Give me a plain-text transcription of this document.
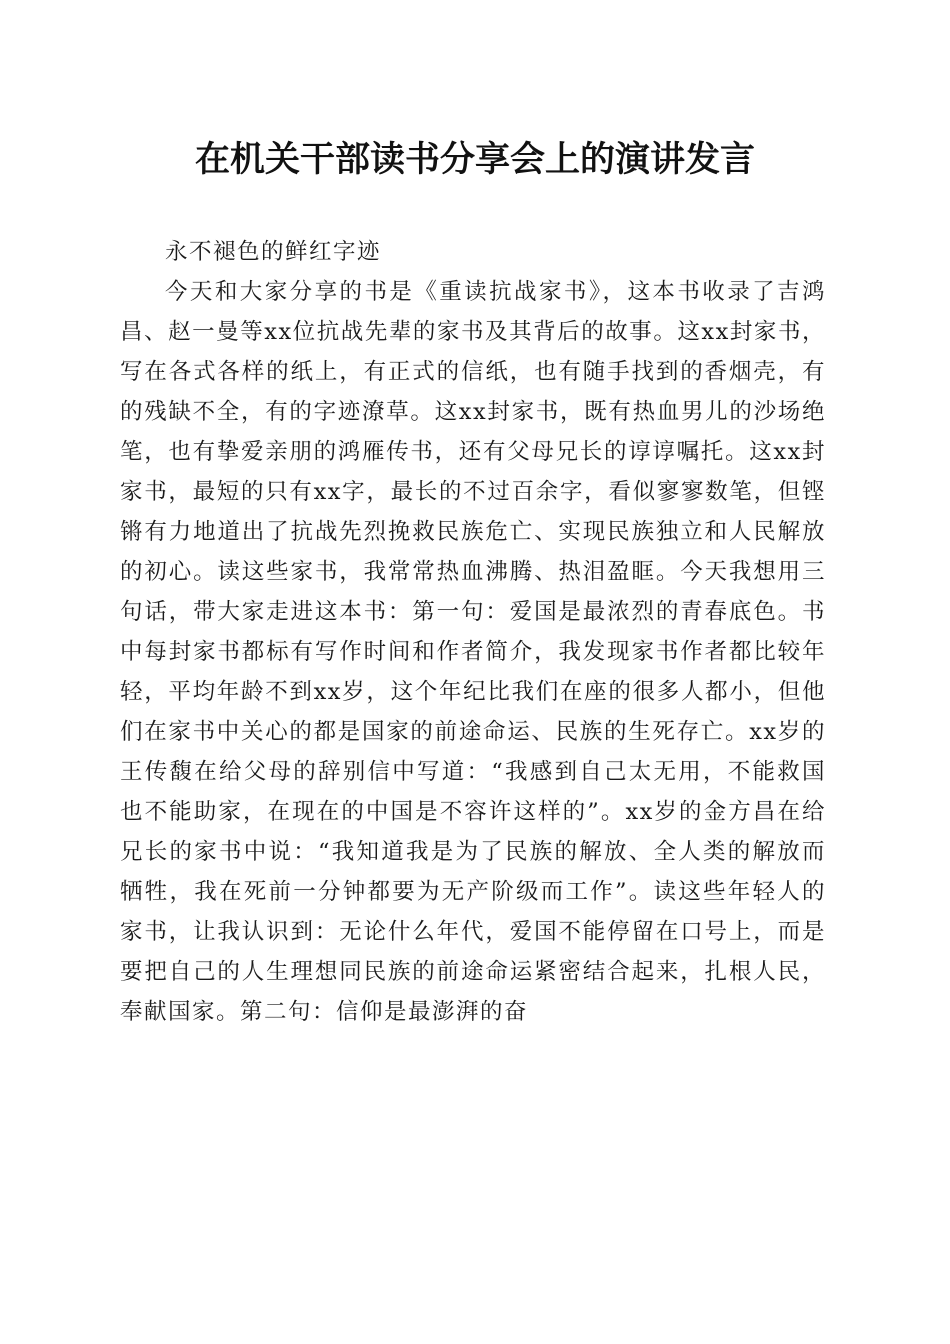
在机关干部读书分享会上的演讲发言

永不褪色的鲜红字迹

今天和大家分享的书是《重读抗战家书》，这本书收录了吉鸿昌、赵一曼等xx位抗战先辈的家书及其背后的故事。这xx封家书，写在各式各样的纸上，有正式的信纸，也有随手找到的香烟壳，有的残缺不全，有的字迹潦草。这xx封家书，既有热血男儿的沙场绝笔，也有挚爱亲朋的鸿雁传书，还有父母兄长的谆谆嘱托。这xx封家书，最短的只有xx字，最长的不过百余字，看似寥寥数笔，但铿锵有力地道出了抗战先烈挽救民族危亡、实现民族独立和人民解放的初心。读这些家书，我常常热血沸腾、热泪盈眶。今天我想用三句话，带大家走进这本书：第一句：爱国是最浓烈的青春底色。书中每封家书都标有写作时间和作者简介，我发现家书作者都比较年轻，平均年龄不到xx岁，这个年纪比我们在座的很多人都小，但他们在家书中关心的都是国家的前途命运、民族的生死存亡。xx岁的王传馥在给父母的辞别信中写道：“我感到自己太无用，不能救国也不能助家，在现在的中国是不容许这样的”。xx岁的金方昌在给兄长的家书中说：“我知道我是为了民族的解放、全人类的解放而牺牲，我在死前一分钟都要为无产阶级而工作”。读这些年轻人的家书，让我认识到：无论什么年代，爱国不能停留在口号上，而是要把自己的人生理想同民族的前途命运紧密结合起来，扎根人民，奉献国家。第二句：信仰是最澎湃的奋
